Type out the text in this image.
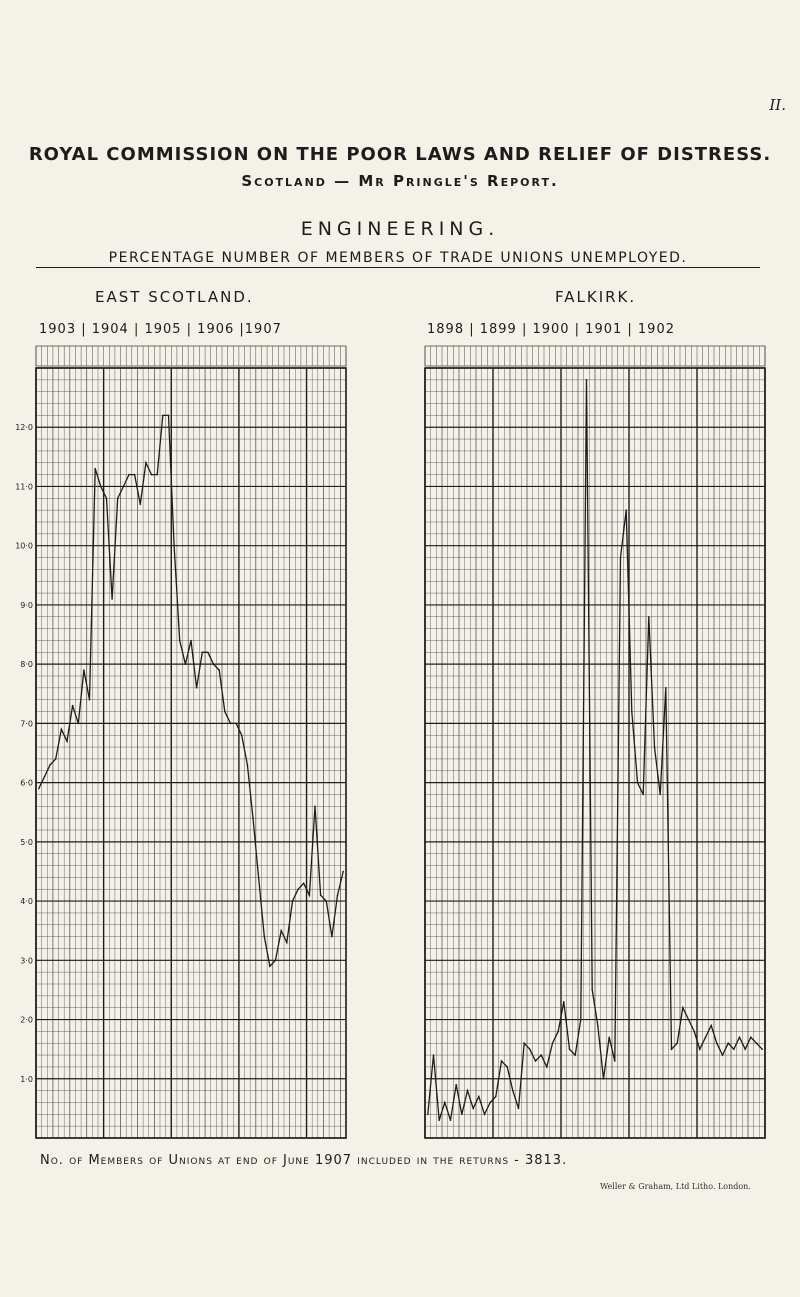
II.
ROYAL COMMISSION ON THE POOR LAWS AND RELIEF OF DISTRESS.
Scotland — Mr Pringle's Report.
ENGINEERING.
PERCENTAGE NUMBER OF MEMBERS OF TRADE UNIONS UNEMPLOYED.
EAST SCOTLAND.	FALKIRK.
1903 | 1904 | 1905 | 1906 |1907	1898 | 1899 | 1900 | 1901 | 1902
1·0
2·0
3·0
4·0
5·0
6·0
7·0
8·0
9·0
10·0
11·0
12·0
No. of Members of Unions at end of June 1907 included in the returns - 3813.
Weller & Graham, Ltd Litho. London.
